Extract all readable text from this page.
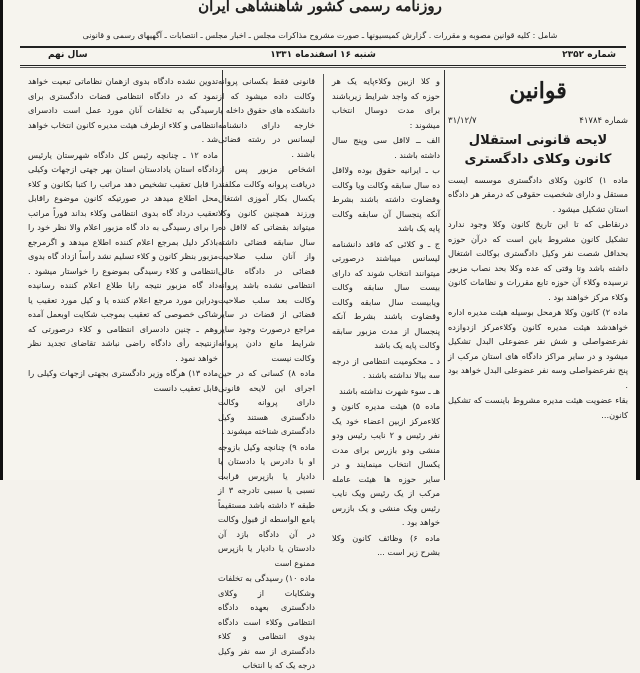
روزنامه رسمی کشور شاهنشاهی ایران
شامل : کلیه قوانین مصوبه و مقررات . گزارش کمیسیونها ـ صورت مشروح مذاکرات مجلس ـ اخبار مجلس ـ انتصابات ـ آگهیهای رسمی و قانونی
شماره ۲۳۵۲
شنبه ۱۶ اسفندماه ۱۳۳۱
سال نهم
قوانین
شماره ۴۱۷۸۴
۳۱/۱۲/۷
لایحه قانونی استقلال
کانون وکلای دادگستری

ماده ۱) کانون وکلای دادگستری موسسه ایست مستقل و دارای شخصیت حقوقی که درمقر هر دادگاه استان تشکیل میشود .

درنقاطی که تا این تاریخ کانون وکلا وجود ندارد تشکیل کانون مشروط باین است که درآن حوزه بحداقل شصت نفر وکیل دادگستری بوکالت اشتغال داشته باشد وتا وقتی که عده وکلا بحد نصاب مزبور نرسیده وکلاء آن حوزه تابع مقررات و نظامات کانون وکلاء مرکز خواهند بود .

ماده ۲) کانون وکلا هرمحل بوسیله هیئت مدیره اداره خواهدشد هیئت مدیره کانون وکلاءمرکز ازدوازده نفرعضواصلی و شش نفر عضوعلی البدل تشکیل میشود و در سایر مراکز دادگاه های استان مرکب از پنج نفرعضواصلی وسه نفر عضوعلی البدل خواهد بود .

بقاء عضویت هیئت مدیره مشروط باینست که تشکیل کانون...

و کلا ازبین وکلاءپایه یک هر حوزه که واجد شرایط زیرباشند برای مدت دوسال انتخاب میشوند :

الف ــ لااقل سی وپنج سال داشته باشند .

ب ـ ایرانیه حقوق بوده ولااقل ده سال سابقه وکالت ویا وکالت وقضاوت داشته باشند بشرط آنکه پنجسال آن سابقه وکالت پایه یک باشد

ج ـ و کلائی که فاقد دانشنامه لیسانس میباشند درصورتی میتوانند انتخاب شوند که دارای بیست سال سابقه وکالت ویابیست سال سابقه وکالت وقضاوت باشند بشرط آنکه پنجسال از مدت مزبور سابقه وکالت پایه یک باشد

د ـ محکومیت انتظامی از درجه سه ببالا نداشته باشند .

هـ ـ سوء شهرت نداشته باشند

ماده ۵) هیئت مدیره کانون و کلاءمرکز ازبین اعضاء خود یک نفر رئیس و ۲ نایب رئیس ودو منشی ودو بازرس برای مدت یکسال انتخاب مینمایند و در سایر حوزه ها هیئت عامله مرکب از یک رئیس ویک نایب رئیس ویک منشی و یک بازرس خواهد بود .

ماده ۶) وظائف کانون وکلا بشرح زیر است ...

قانونی فقط بکسانی پروانه وکالت داده میشود که از دانشکده های حقوق داخله یا خارجه دارای دانشنامه لیسانس در رشته قضائی باشند .

اشخاص مزبور پس از دریافت پروانه وکالت مکلفند یکسال بکار آموزی اشتغال ورزند همچنین کانون وکلا میتواند بقضاتی که لااقل ده سال سابقه قضائی داشته واز آنان سلب صلاحیت قضائی در دادگاه عالی انتظامی نشده باشد پروانه وکالت بعد سلب صلاحیت قضائی از قضات در سایر مراجع درصورت وجود سایر شرایط مانع دادن پروانه وکالت نیست

ماده ۸) کسانی که در حین اجرای این لایحه قانونی دارای پروانه وکالت دادگستری هستند وکیل دادگستری شناخته میشوند .

ماده ۹) چنانچه وکیل بازوجه او با دادرس یا دادستان یا دادیار یا بازپرس قرابت نسبی یا سببی تادرجه ۳ از طبقه ۲ داشته باشد مستقیماً یامع الواسطه از قبول وکالت در آن دادگاه بازد آن دادستان یا دادیار یا بازپرس ممنوع است

ماده ۱۰) رسیدگی به تخلفات وشکایات از وکلای دادگستری بعهده دادگاه انتظامی وکلاء است دادگاه بدوی انتظامی و کلاء دادگستری از سه نفر وکیل درجه یک که با انتخاب

تدوین نشده دادگاه بدوی ازهمان نظاماتی تبعیت خواهد نمود که در دادگاه انتظامی قضات دادگستری برای رسیدگی به تخلفات آنان مورد عمل است دادسرای انتظامی و کلاء ازطرف هیئت مدیره کانون انتخاب خواهد شد .

ماده ۱۲ ـ چنانچه رئیس کل دادگاه شهرستان یارئیس دادگاه استان یادادستان استان بهر جهتی ازجهات وکیلی را قابل تعقیب تشخیص دهد مراتب را کتبا بکانون و کلاء محل اطلاع میدهد در صورتیکه کانون موضوع راقابل تعقیب درداد گاه بدوی انتظامی وکلاء بداند فوراً مراتب را برای رسیدگی به داد گاه مزبور اعلام والا نظر خود را باذکر دلیل بمرجع اعلام کننده اطلاع میدهد و اگرمرجع مزبور بنظر کانون و کلاء تسلیم نشد رأساً ازداد گاه بدوی انتظامی و کلاء رسیدگی بموضوع را خواستار میشود . داد گاه مزبور نتیجه رابا طلاع اعلام کننده رسانیده ودراین مورد مرجع اعلام کننده یا و کیل مورد تعقیب یا شاکی خصوصی که تعقیب بموجب شکایت اوبعمل آمده وهم ـ چنین دادسرای انتظامی و کلاء درصورتی که ازنتیجه رأی دادگاه راضی نباشد تقاضای تجدید نظر خواهد نمود .

ماده ۱۳) هرگاه وزیر دادگستری بجهتی ازجهات وکیلی را قابل تعقیب دانست
